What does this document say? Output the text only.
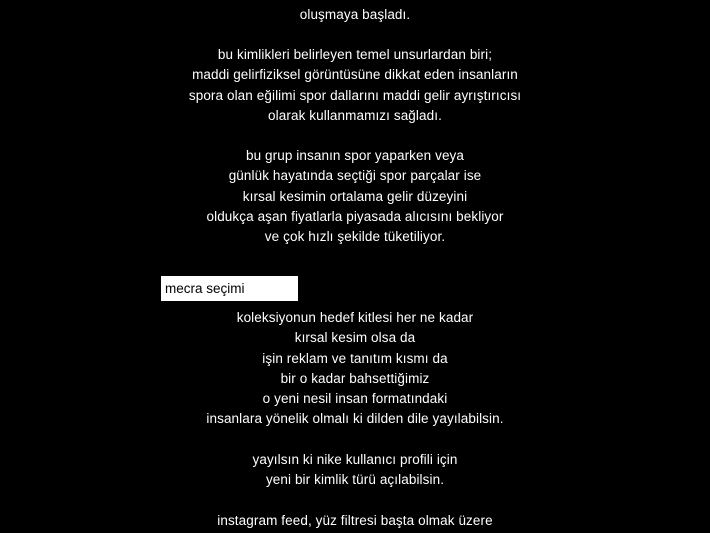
oluşmaya başladı.
bu kimlikleri belirleyen temel unsurlardan biri;
maddi gelirfiziksel görüntüsüne dikkat eden insanların
spora olan eğilimi spor dallarını maddi gelir ayrıştırıcısı
olarak kullanmamızı sağladı.
bu grup insanın spor yaparken veya
günlük hayatında seçtiği spor parçalar ise
kırsal kesimin ortalama gelir düzeyini
oldukça aşan fiyatlarla piyasada alıcısını bekliyor
ve çok hızlı şekilde tüketiliyor.
mecra seçimi
koleksiyonun hedef kitlesi her ne kadar
kırsal kesim olsa da
işin reklam ve tanıtım kısmı da
bir o kadar bahsettiğimiz
o yeni nesil insan formatındaki
insanlara yönelik olmalı ki dilden dile yayılabilsin.
yayılsın ki nike kullanıcı profili için
yeni bir kimlik türü açılabilsin.
instagram feed, yüz filtresi başta olmak üzere
